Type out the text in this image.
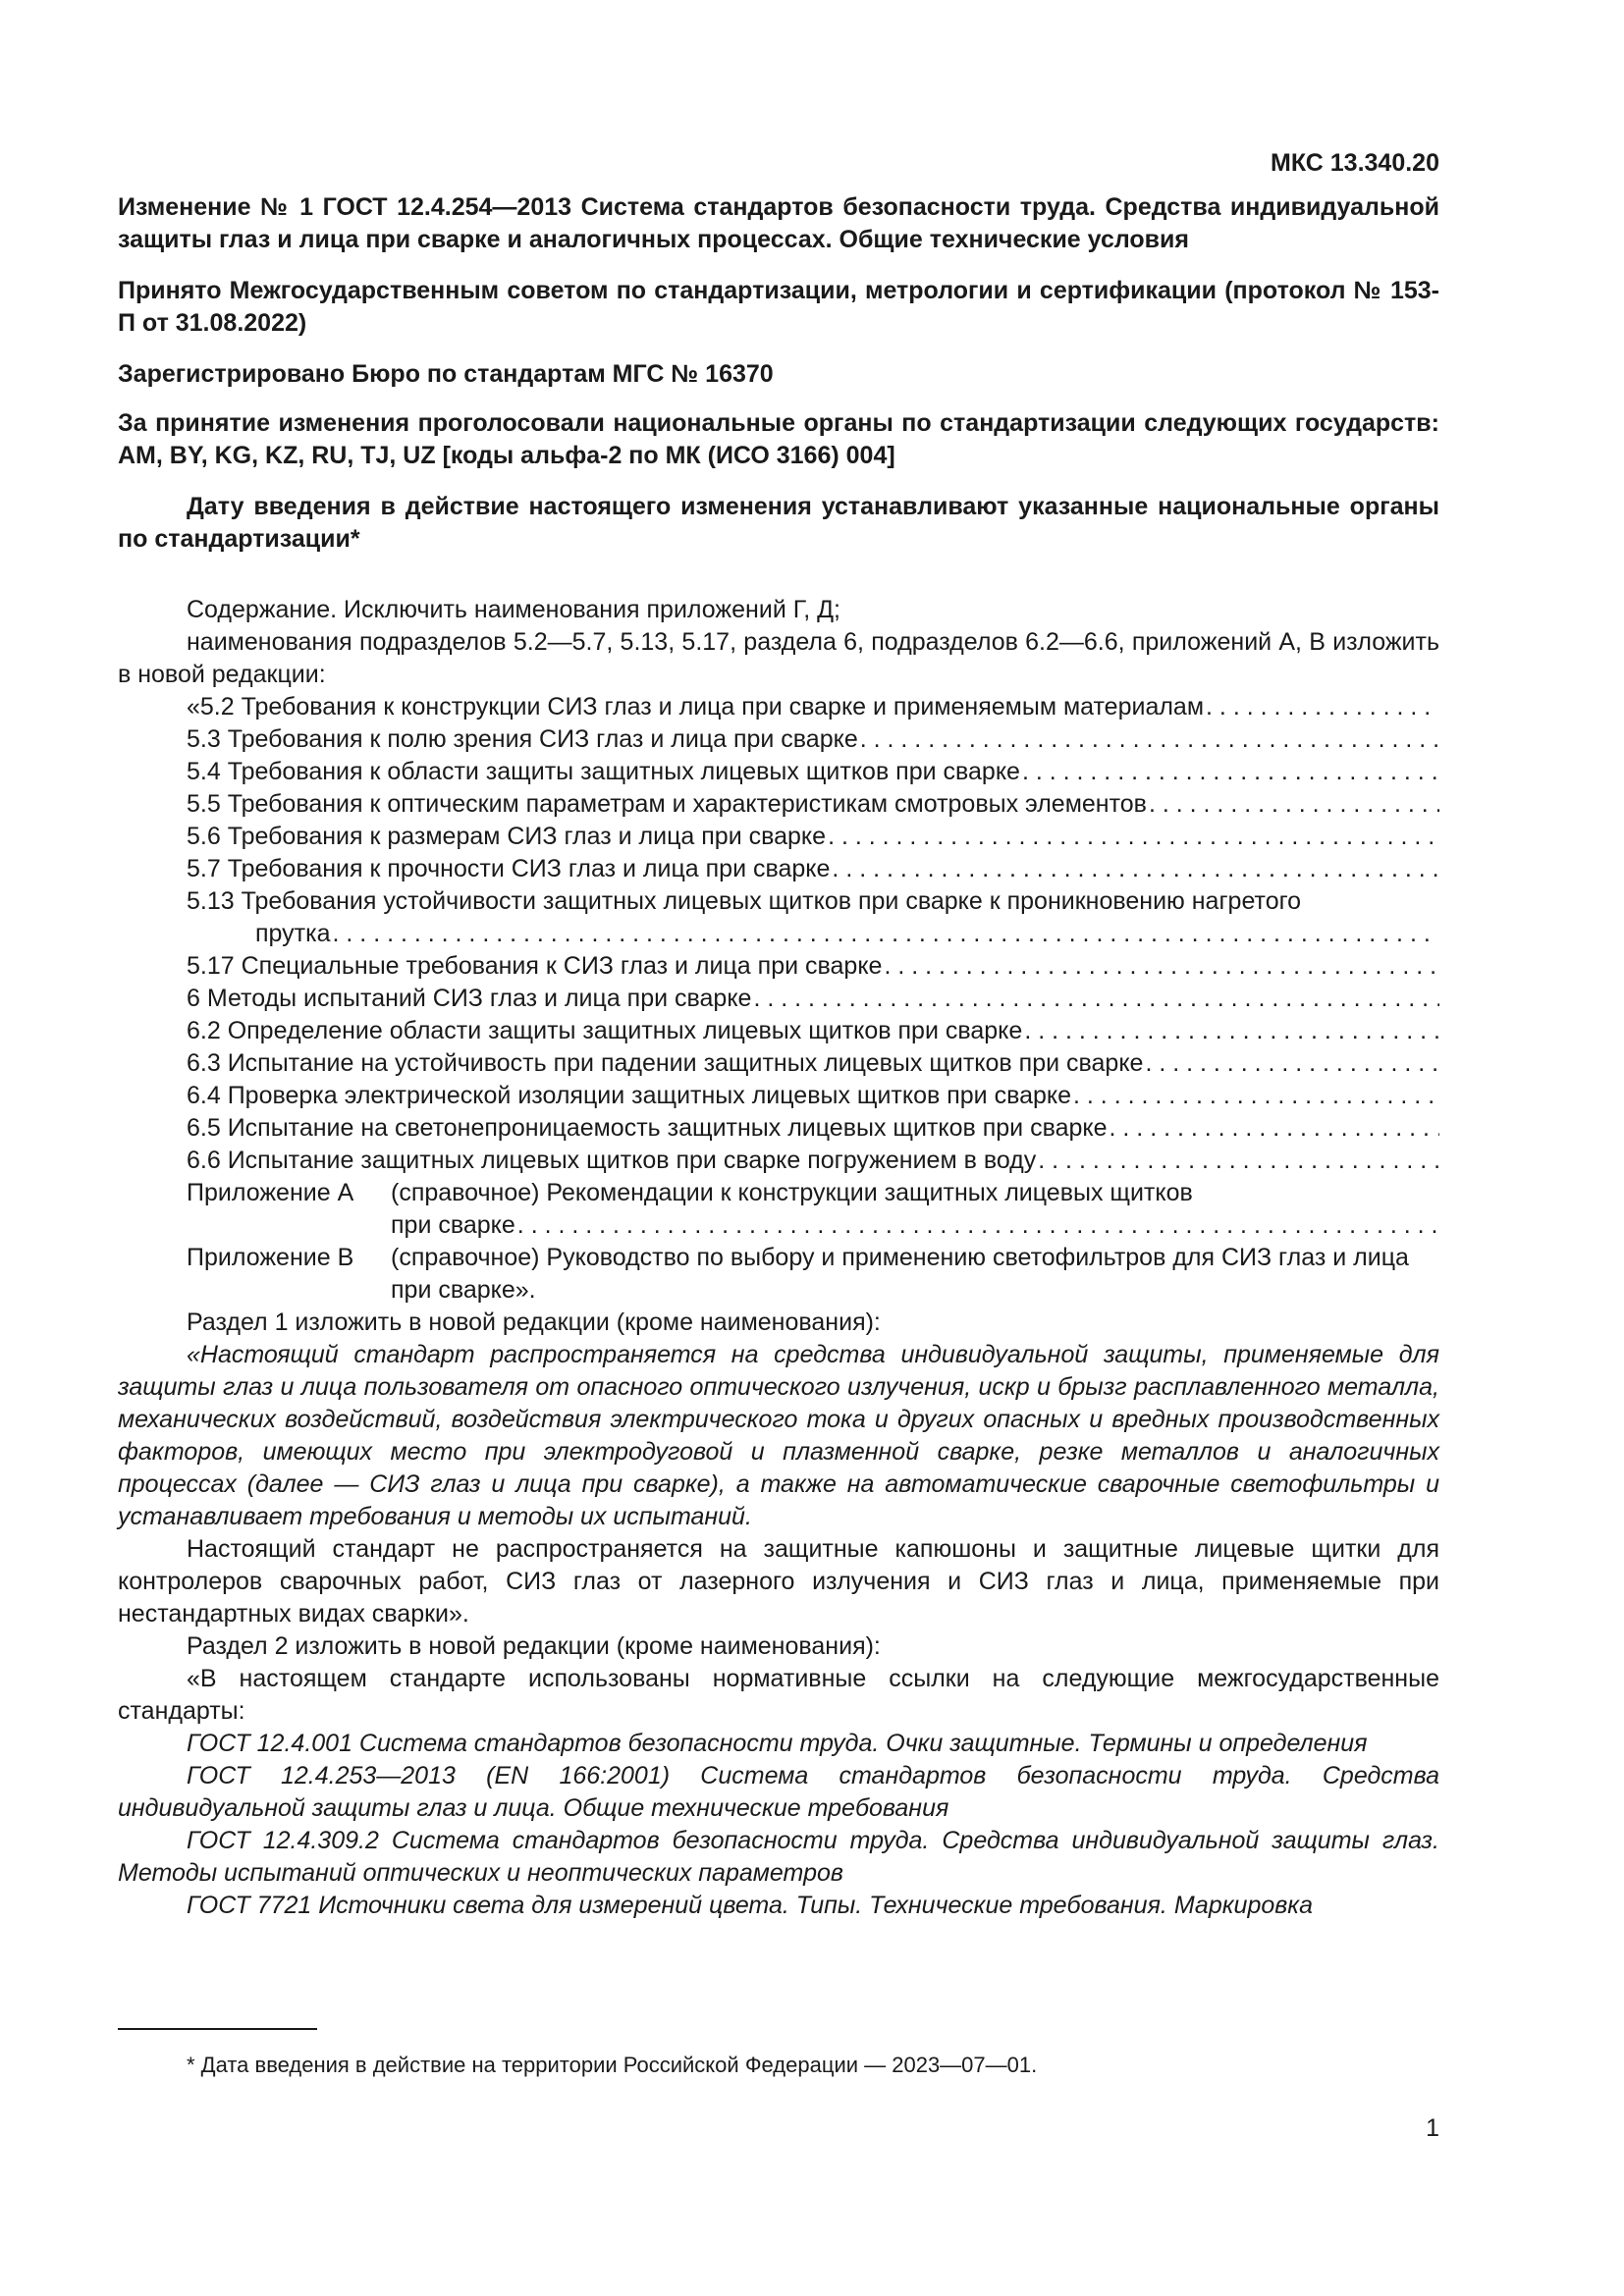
МКС 13.340.20
Изменение № 1 ГОСТ 12.4.254—2013 Система стандартов безопасности труда. Средства индивидуальной защиты глаз и лица при сварке и аналогичных процессах. Общие технические условия
Принято Межгосударственным советом по стандартизации, метрологии и сертификации (протокол № 153-П от 31.08.2022)
Зарегистрировано Бюро по стандартам МГС № 16370
За принятие изменения проголосовали национальные органы по стандартизации следующих государств: AM, BY, KG, KZ, RU, TJ, UZ [коды альфа-2 по МК (ИСО 3166) 004]
Дату введения в действие настоящего изменения устанавливают указанные национальные органы по стандартизации*

Содержание. Исключить наименования приложений Г, Д;

наименования подразделов 5.2—5.7, 5.13, 5.17, раздела 6, подразделов 6.2—6.6, приложений А, В изложить в новой редакции:

«5.2 Требования к конструкции СИЗ глаз и лица при сварке и применяемым материалам
. . .
5.3 Требования к полю зрения СИЗ глаз и лица при сварке
. . .
5.4 Требования к области защиты защитных лицевых щитков при сварке
. . .
5.5 Требования к оптическим параметрам и характеристикам смотровых элементов
. . .
5.6 Требования к размерам СИЗ глаз и лица при сварке
. . .
5.7 Требования к прочности СИЗ глаз и лица при сварке
. . .
5.13 Требования устойчивости защитных лицевых щитков при сварке к проникновению нагретого
прутка
. . .
5.17 Специальные требования к СИЗ глаз и лица при сварке
. . .
6 Методы испытаний СИЗ глаз и лица при сварке
. . .
6.2 Определение области защиты защитных лицевых щитков при сварке
. . .
6.3 Испытание на устойчивость при падении защитных лицевых щитков при сварке
. . .
6.4 Проверка электрической изоляции защитных лицевых щитков при сварке
. . .
6.5 Испытание на светонепроницаемость защитных лицевых щитков при сварке
. . .
6.6 Испытание защитных лицевых щитков при сварке погружением в воду
. . .
Приложение А	(справочное) Рекомендации к конструкции защитных лицевых щитков
при сварке
. . .
Приложение В	(справочное) Руководство по выбору и применению светофильтров для СИЗ глаз и лица при сварке».

Раздел 1 изложить в новой редакции (кроме наименования):

«Настоящий стандарт распространяется на средства индивидуальной защиты, применяемые для защиты глаз и лица пользователя от опасного оптического излучения, искр и брызг расплавленного металла, механических воздействий, воздействия электрического тока и других опасных и вредных производственных факторов, имеющих место при электродуговой и плазменной сварке, резке металлов и аналогичных процессах (далее — СИЗ глаз и лица при сварке), а также на автоматические сварочные светофильтры и устанавливает требования и методы их испытаний.

Настоящий стандарт не распространяется на защитные капюшоны и защитные лицевые щитки для контролеров сварочных работ, СИЗ глаз от лазерного излучения и СИЗ глаз и лица, применяемые при нестандартных видах сварки».

Раздел 2 изложить в новой редакции (кроме наименования):

«В настоящем стандарте использованы нормативные ссылки на следующие межгосударственные стандарты:

ГОСТ 12.4.001 Система стандартов безопасности труда. Очки защитные. Термины и определения

ГОСТ 12.4.253—2013 (EN 166:2001) Система стандартов безопасности труда. Средства индивидуальной защиты глаз и лица. Общие технические требования

ГОСТ 12.4.309.2 Система стандартов безопасности труда. Средства индивидуальной защиты глаз. Методы испытаний оптических и неоптических параметров

ГОСТ 7721 Источники света для измерений цвета. Типы. Технические требования. Маркировка

* Дата введения в действие на территории Российской Федерации — 2023—07—01.
1
